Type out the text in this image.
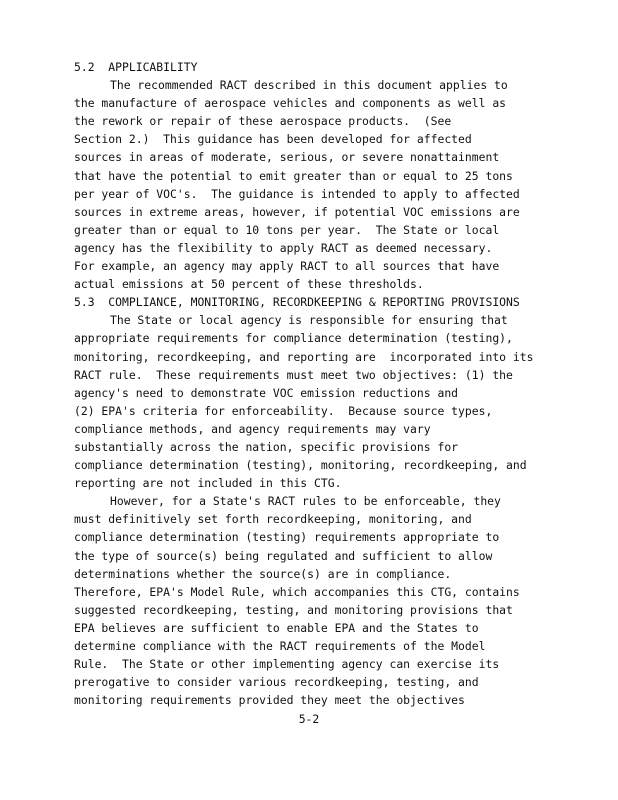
5.2  APPLICABILITY
The recommended RACT described in this document applies to
the manufacture of aerospace vehicles and components as well as
the rework or repair of these aerospace products.  (See
Section 2.)  This guidance has been developed for affected
sources in areas of moderate, serious, or severe nonattainment
that have the potential to emit greater than or equal to 25 tons
per year of VOC's.  The guidance is intended to apply to affected
sources in extreme areas, however, if potential VOC emissions are
greater than or equal to 10 tons per year.  The State or local
agency has the flexibility to apply RACT as deemed necessary.
For example, an agency may apply RACT to all sources that have
actual emissions at 50 percent of these thresholds.
5.3  COMPLIANCE, MONITORING, RECORDKEEPING & REPORTING PROVISIONS
The State or local agency is responsible for ensuring that
appropriate requirements for compliance determination (testing),
monitoring, recordkeeping, and reporting are  incorporated into its
RACT rule.  These requirements must meet two objectives: (1) the
agency's need to demonstrate VOC emission reductions and
(2) EPA's criteria for enforceability.  Because source types,
compliance methods, and agency requirements may vary
substantially across the nation, specific provisions for
compliance determination (testing), monitoring, recordkeeping, and
reporting are not included in this CTG.
However, for a State's RACT rules to be enforceable, they
must definitively set forth recordkeeping, monitoring, and
compliance determination (testing) requirements appropriate to
the type of source(s) being regulated and sufficient to allow
determinations whether the source(s) are in compliance.
Therefore, EPA's Model Rule, which accompanies this CTG, contains
suggested recordkeeping, testing, and monitoring provisions that
EPA believes are sufficient to enable EPA and the States to
determine compliance with the RACT requirements of the Model
Rule.  The State or other implementing agency can exercise its
prerogative to consider various recordkeeping, testing, and
monitoring requirements provided they meet the objectives
5-2
